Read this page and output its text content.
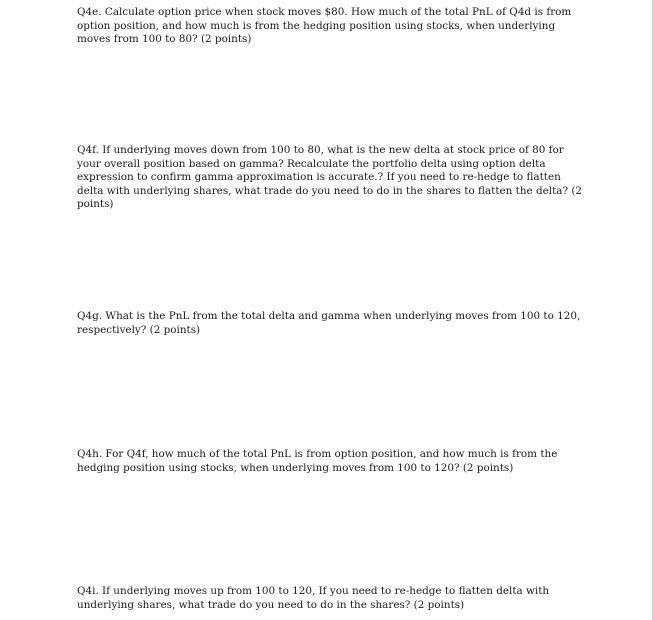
Q4e. Calculate option price when stock moves $80. How much of the total PnL of Q4d is from option position, and how much is from the hedging position using stocks, when underlying moves from 100 to 80? (2 points)

Q4f. If underlying moves down from 100 to 80, what is the new delta at stock price of 80 for your overall position based on gamma? Recalculate the portfolio delta using option delta expression to confirm gamma approximation is accurate.? If you need to re-hedge to flatten delta with underlying shares, what trade do you need to do in the shares to flatten the delta? (2 points)

Q4g. What is the PnL from the total delta and gamma when underlying moves from 100 to 120, respectively? (2 points)

Q4h. For Q4f, how much of the total PnL is from option position, and how much is from the hedging position using stocks, when underlying moves from 100 to 120? (2 points)

Q4i. If underlying moves up from 100 to 120, If you need to re-hedge to flatten delta with underlying shares, what trade do you need to do in the shares? (2 points)
